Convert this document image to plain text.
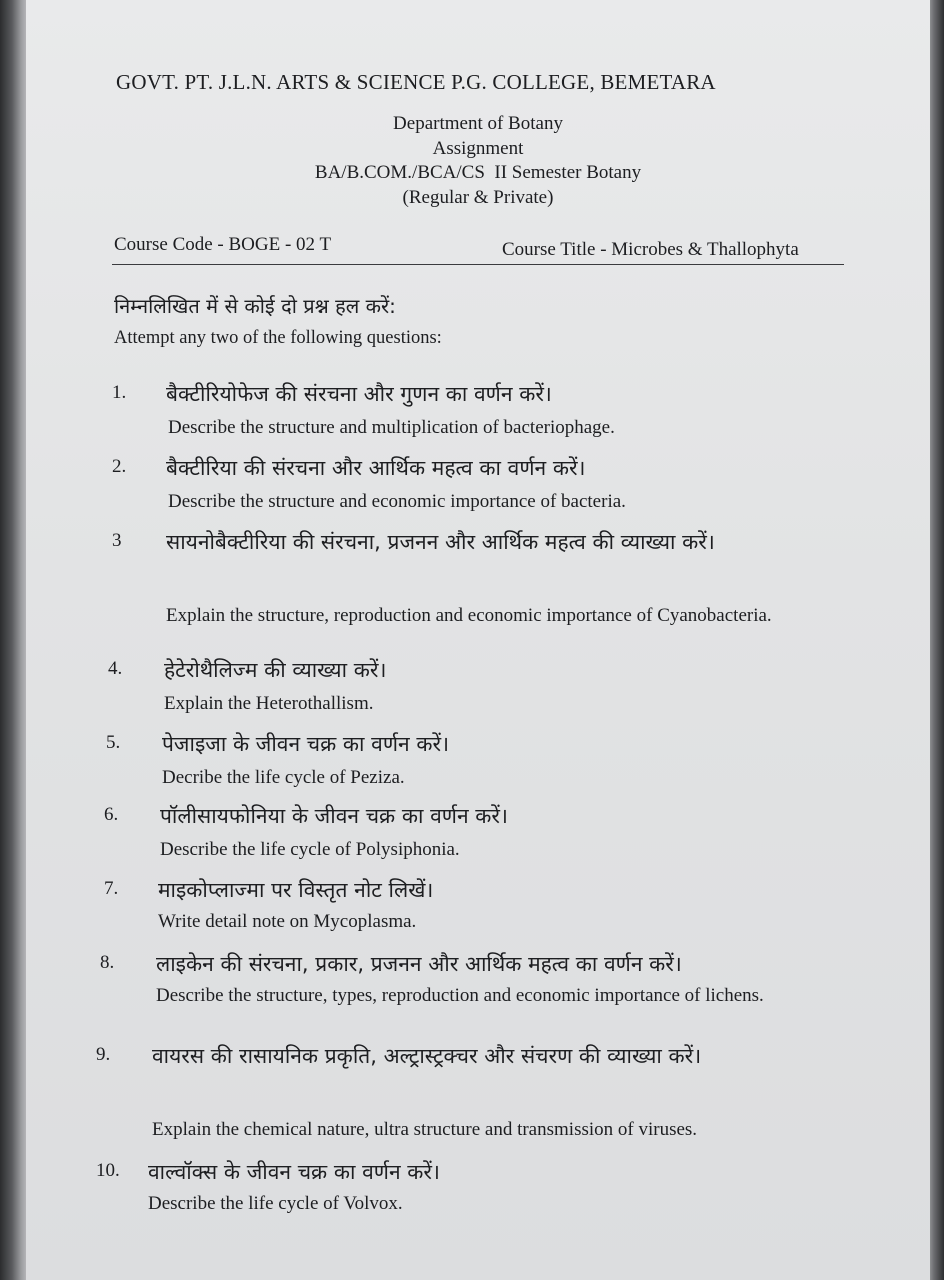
GOVT. PT. J.L.N. ARTS & SCIENCE P.G. COLLEGE, BEMETARA
Department of Botany
Assignment
BA/B.COM./BCA/CS  II Semester Botany
(Regular & Private)
Course Code - BOGE - 02 T	Course Title - Microbes & Thallophyta
निम्नलिखित में से कोई दो प्रश्न हल करें:
Attempt any two of the following questions:
1. बैक्टीरियोफेज की संरचना और गुणन का वर्णन करें।
Describe the structure and multiplication of bacteriophage.
2. बैक्टीरिया की संरचना और आर्थिक महत्व का वर्णन करें।
Describe the structure and economic importance of bacteria.
3 सायनोबैक्टीरिया की संरचना, प्रजनन और आर्थिक महत्व की व्याख्या करें।
Explain the structure, reproduction and economic importance of Cyanobacteria.
4. हेटेरोथैलिज्म की व्याख्या करें।
Explain the Heterothallism.
5. पेजाइजा के जीवन चक्र का वर्णन करें।
Decribe the life cycle of Peziza.
6. पॉलीसायफोनिया के जीवन चक्र का वर्णन करें।
Describe the life cycle of Polysiphonia.
7. माइकोप्लाज्मा पर विस्तृत नोट लिखें।
Write detail note on Mycoplasma.
8. लाइकेन की संरचना, प्रकार, प्रजनन और आर्थिक महत्व का वर्णन करें।
Describe the structure, types, reproduction and economic importance of lichens.
9. वायरस की रासायनिक प्रकृति, अल्ट्रास्ट्रक्चर और संचरण की व्याख्या करें।
Explain the chemical nature, ultra structure and transmission of viruses.
10. वाल्वॉक्स के जीवन चक्र का वर्णन करें।
Describe the life cycle of Volvox.
